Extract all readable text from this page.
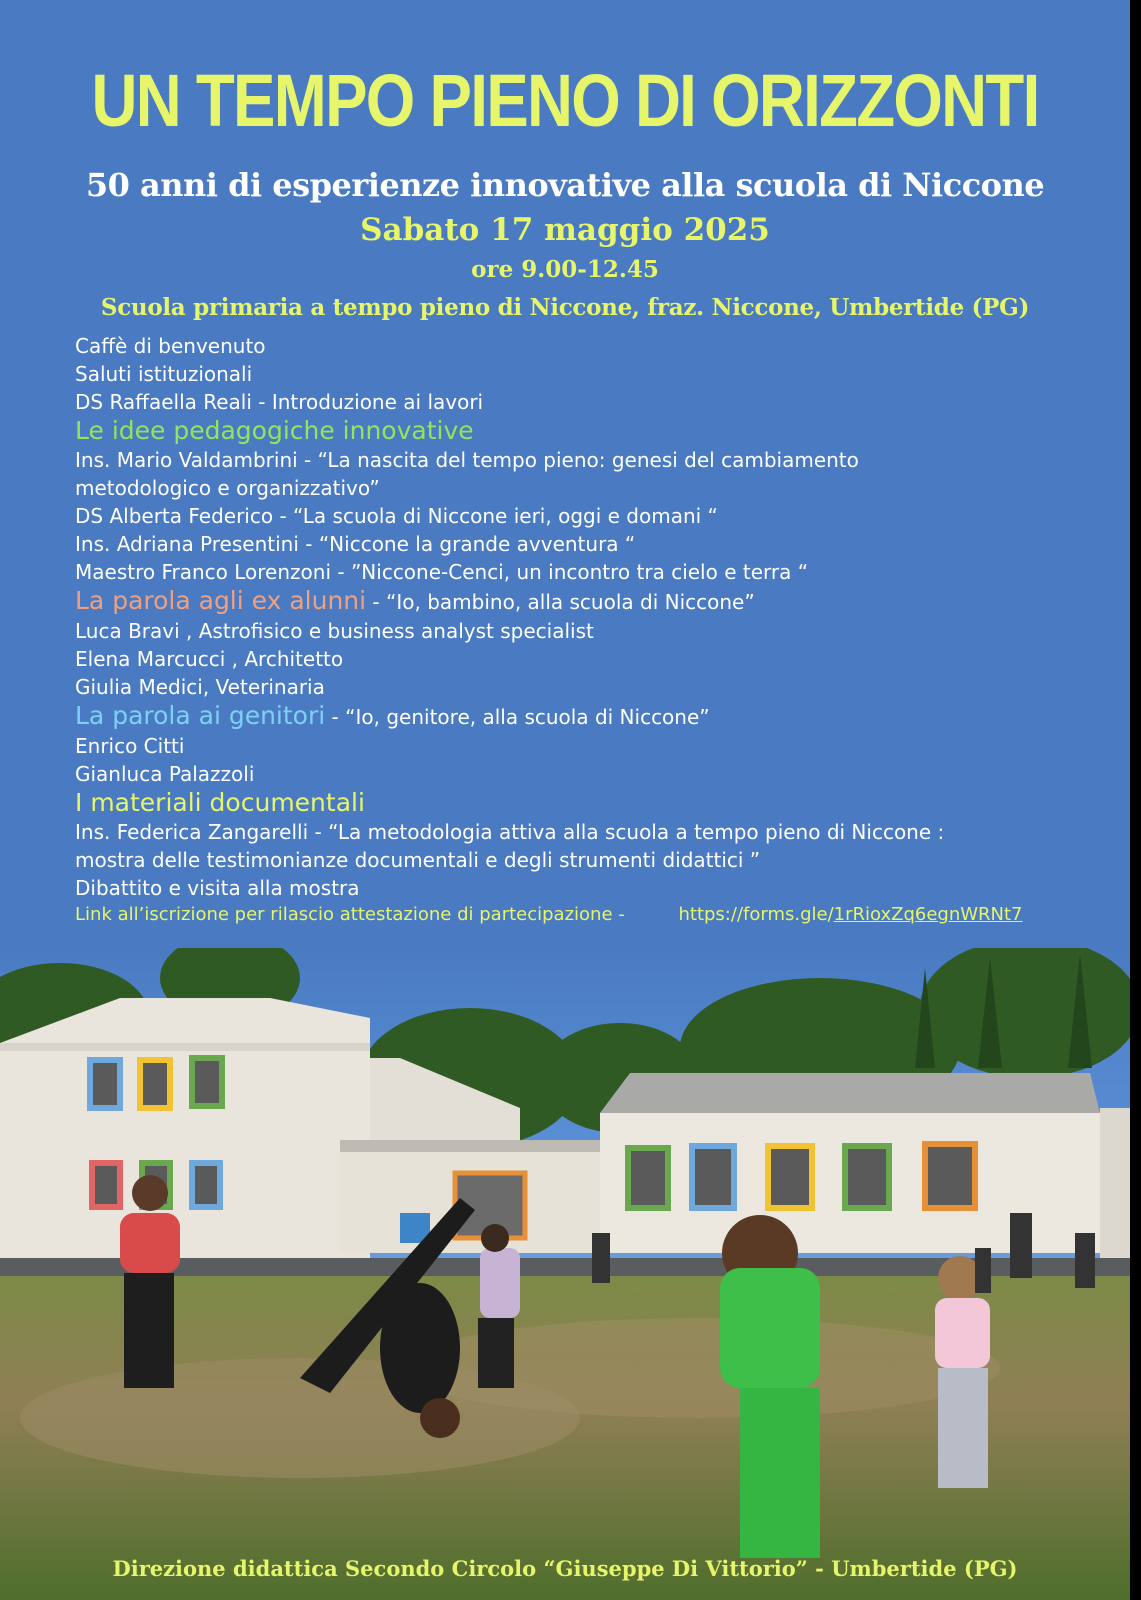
UN TEMPO PIENO DI ORIZZONTI

50 anni di esperienze innovative alla scuola di Niccone

Sabato 17 maggio 2025

ore 9.00-12.45

Scuola primaria a tempo pieno di Niccone, fraz. Niccone, Umbertide (PG)

Caffè di benvenuto
Saluti istituzionali
DS Raffaella Reali - Introduzione ai lavori
Le idee pedagogiche innovative
Ins. Mario Valdambrini - “La nascita del tempo pieno: genesi del cambiamento
metodologico e organizzativo”
DS Alberta Federico - “La scuola di Niccone ieri, oggi e domani “
Ins. Adriana Presentini - “Niccone la grande avventura “
Maestro Franco Lorenzoni - ”Niccone-Cenci, un incontro tra cielo e terra “
La parola agli ex alunni - “Io, bambino, alla scuola di Niccone”
Luca Bravi , Astrofisico e business analyst specialist
Elena Marcucci , Architetto
Giulia Medici, Veterinaria
La parola ai genitori - “Io, genitore, alla scuola di Niccone”
Enrico Citti
Gianluca Palazzoli
I materiali documentali
Ins. Federica Zangarelli - “La metodologia attiva alla scuola a tempo pieno di Niccone :
mostra delle testimonianze documentali e degli strumenti didattici ”
Dibattito e visita alla mostra
Link all’iscrizione per rilascio attestazione di partecipazione -	https://forms.gle/1rRioxZq6egnWRNt7

Direzione didattica Secondo Circolo “Giuseppe Di Vittorio” - Umbertide (PG)
